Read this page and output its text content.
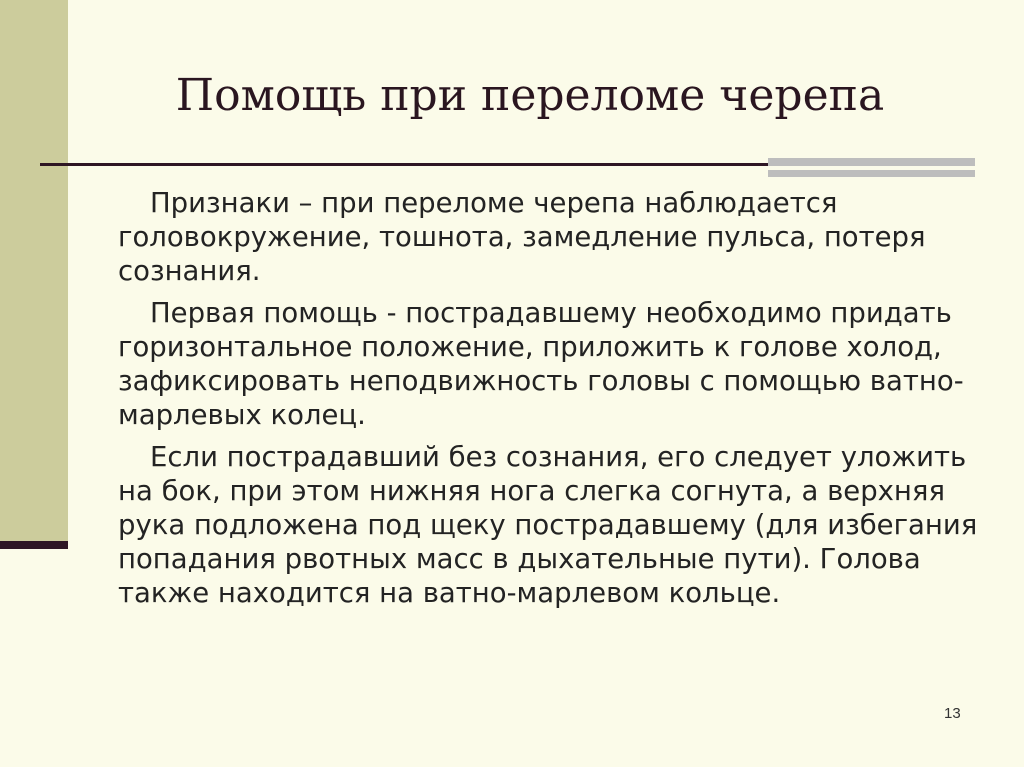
Помощь при переломе черепа

Признаки – при переломе черепа наблюдается головокружение, тошнота, замедление пульса, потеря сознания.

Первая помощь - пострадавшему необходимо придать горизонтальное положение, приложить к голове холод, зафиксировать неподвижность головы с помощью ватно-марлевых колец.

Если пострадавший без сознания, его следует уложить на бок, при этом нижняя нога слегка согнута, а верхняя рука подложена под щеку пострадавшему (для избегания попадания рвотных масс в дыхательные пути). Голова также находится на ватно-марлевом кольце.

13
